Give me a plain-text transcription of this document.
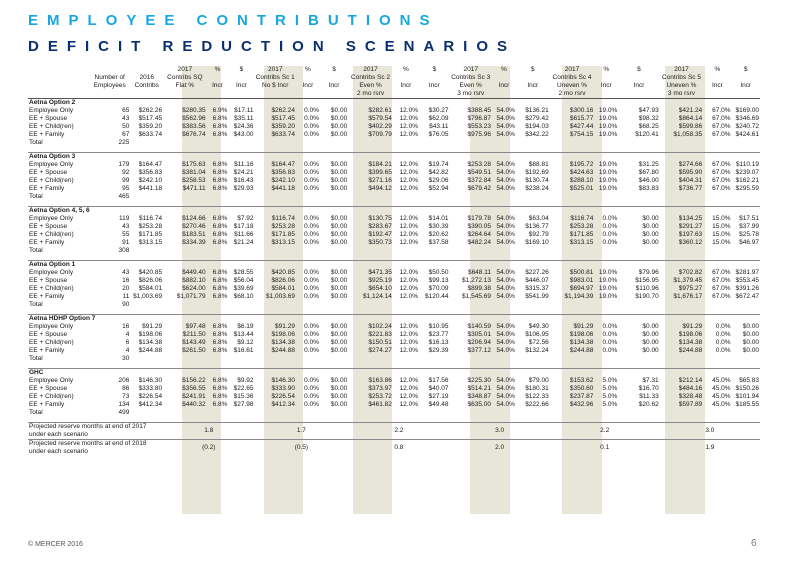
EMPLOYEE CONTRIBUTIONS
DEFICIT REDUCTION SCENARIOS
			2017	%	$	2017	%	$	2017	%	$	2017	%	$	2017	%	$	2017	%	$
	Number of	2016	Contribs SQ			Contribs Sc 1			Contribs Sc 2			Contribs Sc 3			Contribs Sc 4			Contribs Sc 5		
	Employees	Contribs	Flat %	Incr	Incr	No $ Incr	Incr	Incr	Even %	Incr	Incr	Even %	Incr	Incr	Uneven %	Incr	Incr	Uneven %	Incr	Incr
									2 mo rsrv			3 mo rsrv			2 mo rsrv			3 mo rsrv		
Aetna Option 2																				
Employee Only	65	$262.26	$280.35	6.9%	$17.11	$262.24	0.0%	$0.00	$282.61	12.0%	$30.27	$388.45	54.0%	$136.21	$300.16	19.0%	$47.93	$421.24	67.0%	$169.00
EE + Spouse	43	$517.45	$562.96	6.8%	$35.11	$517.45	0.0%	$0.00	$579.54	12.0%	$62.09	$796.87	54.0%	$279.42	$615.77	19.0%	$98.32	$864.14	67.0%	$346.69
EE + Child(ren)	50	$359.20	$383.56	6.8%	$24.36	$359.20	0.0%	$0.00	$402.29	12.0%	$43.11	$553.23	54.0%	$194.03	$427.44	19.0%	$68.25	$599.86	67.0%	$240.72
EE + Family	67	$633.74	$676.74	6.8%	$43.00	$633.74	0.0%	$0.00	$709.79	12.0%	$76.05	$975.96	54.0%	$342.22	$754.15	19.0%	$120.41	$1,058.35	67.0%	$424.61
Total	225																			

Aetna Option 3																				
Employee Only	179	$164.47	$175.63	6.8%	$11.16	$164.47	0.0%	$0.00	$184.21	12.0%	$19.74	$253.28	54.0%	$88.81	$195.72	19.0%	$31.25	$274.66	67.0%	$110.19
EE + Spouse	92	$356.83	$381.04	6.8%	$24.21	$356.83	0.0%	$0.00	$399.65	12.0%	$42.82	$549.51	54.0%	$192.69	$424.63	19.0%	$67.80	$595.90	67.0%	$239.07
EE + Child(ren)	99	$242.10	$258.53	6.8%	$16.43	$242.10	0.0%	$0.00	$271.16	12.0%	$29.06	$372.84	54.0%	$130.74	$288.10	19.0%	$46.00	$404.31	67.0%	$162.21
EE + Family	95	$441.18	$471.11	6.8%	$29.93	$441.18	0.0%	$0.00	$494.12	12.0%	$52.94	$679.42	54.0%	$238.24	$525.01	19.0%	$83.83	$736.77	67.0%	$295.59
Total	465																			

Aetna Option 4, 5, 6																				
Employee Only	119	$116.74	$124.66	6.8%	$7.92	$116.74	0.0%	$0.00	$130.75	12.0%	$14.01	$179.78	54.0%	$63.04	$116.74	0.0%	$0.00	$134.25	15.0%	$17.51
EE + Spouse	43	$253.28	$270.46	6.8%	$17.18	$253.28	0.0%	$0.00	$283.67	12.0%	$30.39	$390.05	54.0%	$136.77	$253.28	0.0%	$0.00	$291.27	15.0%	$37.99
EE + Child(ren)	55	$171.85	$183.51	6.8%	$11.66	$171.85	0.0%	$0.00	$192.47	12.0%	$20.62	$264.64	54.0%	$92.79	$171.85	0.0%	$0.00	$197.63	15.0%	$25.78
EE + Family	91	$313.15	$334.39	6.8%	$21.24	$313.15	0.0%	$0.00	$350.73	12.0%	$37.58	$482.24	54.0%	$169.10	$313.15	0.0%	$0.00	$360.12	15.0%	$46.97
Total	308																			

Aetna Option 1																				
Employee Only	43	$420.85	$449.40	6.8%	$28.55	$420.85	0.0%	$0.00	$471.35	12.0%	$50.50	$648.11	54.0%	$227.26	$500.81	19.0%	$79.96	$702.82	67.0%	$281.97
EE + Spouse	16	$826.06	$882.10	6.8%	$56.04	$826.06	0.0%	$0.00	$925.19	12.0%	$99.13	$1,272.13	54.0%	$446.07	$983.01	19.0%	$156.95	$1,379.45	67.0%	$553.45
EE + Child(ren)	20	$584.01	$624.00	6.8%	$39.69	$584.01	0.0%	$0.00	$654.10	12.0%	$70.09	$899.38	54.0%	$315.37	$694.97	19.0%	$110.96	$975.27	67.0%	$391.26
EE + Family	11	$1,003.69	$1,071.79	6.8%	$68.10	$1,003.69	0.0%	$0.00	$1,124.14	12.0%	$120.44	$1,545.69	54.0%	$541.99	$1,194.39	19.0%	$190.70	$1,676.17	67.0%	$672.47
Total	90																			

Aetna HDHP Option 7																				
Employee Only	16	$91.29	$97.48	6.8%	$6.19	$91.29	0.0%	$0.00	$102.24	12.0%	$10.95	$140.59	54.0%	$49.30	$91.29	0.0%	$0.00	$91.29	0.0%	$0.00
EE + Spouse	4	$198.06	$211.50	6.8%	$13.44	$198.06	0.0%	$0.00	$221.83	12.0%	$23.77	$305.01	54.0%	$106.95	$198.06	0.0%	$0.00	$198.06	0.0%	$0.00
EE + Child(ren)	6	$134.38	$143.49	6.8%	$9.12	$134.38	0.0%	$0.00	$150.51	12.0%	$16.13	$206.94	54.0%	$72.56	$134.38	0.0%	$0.00	$134.38	0.0%	$0.00
EE + Family	4	$244.88	$261.50	6.8%	$16.61	$244.88	0.0%	$0.00	$274.27	12.0%	$29.39	$377.12	54.0%	$132.24	$244.88	0.0%	$0.00	$244.88	0.0%	$0.00
Total	30																			

GHC																				
Employee Only	206	$146.30	$156.22	6.8%	$9.92	$146.30	0.0%	$0.00	$163.86	12.0%	$17.56	$225.30	54.0%	$79.00	$153.62	5.0%	$7.31	$212.14	45.0%	$65.83
EE + Spouse	86	$333.80	$356.55	6.8%	$22.65	$333.90	0.0%	$0.00	$373.97	12.0%	$40.07	$514.21	54.0%	$180.31	$350.60	5.0%	$16.70	$484.16	45.0%	$150.26
EE + Child(ren)	73	$226.54	$241.91	6.8%	$15.36	$226.54	0.0%	$0.00	$253.72	12.0%	$27.19	$348.87	54.0%	$122.33	$237.87	5.0%	$11.33	$328.48	45.0%	$101.94
EE + Family	134	$412.34	$440.32	6.8%	$27.98	$412.34	0.0%	$0.00	$461.82	12.0%	$49.48	$635.00	54.0%	$222.66	$432.96	5.0%	$20.62	$597.89	45.0%	$185.55
Total	499																			

Projected reserve months at end of 2017 under each scenario			1.8			1.7			2.2			3.0			2.2			3.0		
Projected reserve months at end of 2018 under each scenario			(0.2)			(0.5)			0.8			2.0			0.1			1.9		
© MERCER 2016	6
